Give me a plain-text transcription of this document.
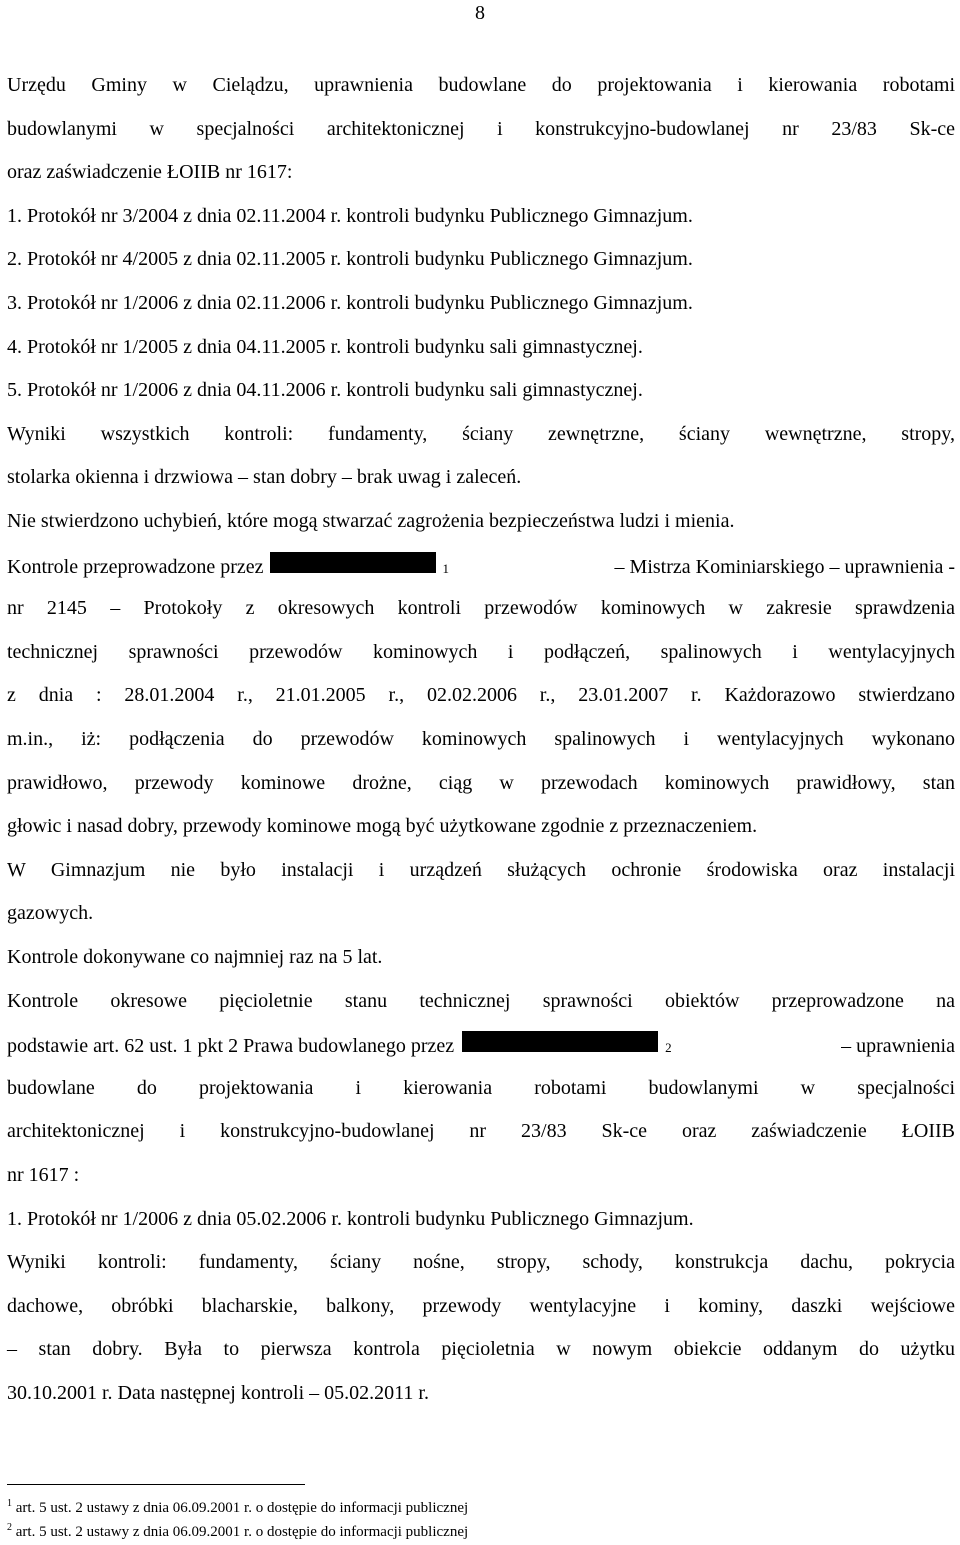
8
Urzędu Gminy w Cielądzu, uprawnienia budowlane do projektowania i kierowania robotami
budowlanymi w specjalności architektonicznej i konstrukcyjno-budowlanej nr 23/83 Sk-ce
oraz zaświadczenie ŁOIIB nr 1617:
1. Protokół nr 3/2004 z dnia 02.11.2004 r. kontroli budynku Publicznego Gimnazjum.
2. Protokół nr 4/2005 z dnia 02.11.2005 r. kontroli budynku Publicznego Gimnazjum.
3. Protokół nr 1/2006 z dnia 02.11.2006 r. kontroli budynku Publicznego Gimnazjum.
4. Protokół nr 1/2005 z dnia 04.11.2005 r. kontroli budynku sali gimnastycznej.
5. Protokół nr 1/2006 z dnia 04.11.2006 r. kontroli budynku sali gimnastycznej.
Wyniki wszystkich kontroli: fundamenty, ściany zewnętrzne, ściany wewnętrzne, stropy,
stolarka okienna i drzwiowa – stan dobry – brak uwag i zaleceń.
Nie stwierdzono uchybień, które mogą stwarzać zagrożenia bezpieczeństwa ludzi i mienia.
Kontrole przeprowadzone przez	1	– Mistrza Kominiarskiego – uprawnienia -
nr 2145 – Protokoły z okresowych kontroli przewodów kominowych w zakresie sprawdzenia
technicznej sprawności przewodów kominowych i podłączeń, spalinowych i wentylacyjnych
z dnia : 28.01.2004 r., 21.01.2005 r., 02.02.2006 r., 23.01.2007 r. Każdorazowo stwierdzano
m.in., iż: podłączenia do przewodów kominowych spalinowych i wentylacyjnych wykonano
prawidłowo, przewody kominowe drożne, ciąg w przewodach kominowych prawidłowy, stan
głowic i nasad dobry, przewody kominowe mogą być użytkowane zgodnie z przeznaczeniem.
W Gimnazjum nie było instalacji i urządzeń służących ochronie środowiska oraz instalacji
gazowych.
Kontrole dokonywane co najmniej raz na 5 lat.
Kontrole okresowe pięcioletnie stanu technicznej sprawności obiektów przeprowadzone na
podstawie art. 62 ust. 1 pkt 2 Prawa budowlanego przez	2	– uprawnienia
budowlane do projektowania i kierowania robotami budowlanymi w specjalności
architektonicznej i konstrukcyjno-budowlanej nr 23/83 Sk-ce oraz zaświadczenie ŁOIIB
nr 1617 :
1. Protokół nr 1/2006 z dnia 05.02.2006 r. kontroli budynku Publicznego Gimnazjum.
Wyniki kontroli: fundamenty, ściany nośne, stropy, schody, konstrukcja dachu, pokrycia
dachowe, obróbki blacharskie, balkony, przewody wentylacyjne i kominy, daszki wejściowe
– stan dobry. Była to pierwsza kontrola pięcioletnia w nowym obiekcie oddanym do użytku
30.10.2001 r. Data następnej kontroli – 05.02.2011 r.
$^1$ art. 5 ust. 2 ustawy z dnia 06.09.2001 r. o dostępie do informacji publicznej
$^2$ art. 5 ust. 2 ustawy z dnia 06.09.2001 r. o dostępie do informacji publicznej
